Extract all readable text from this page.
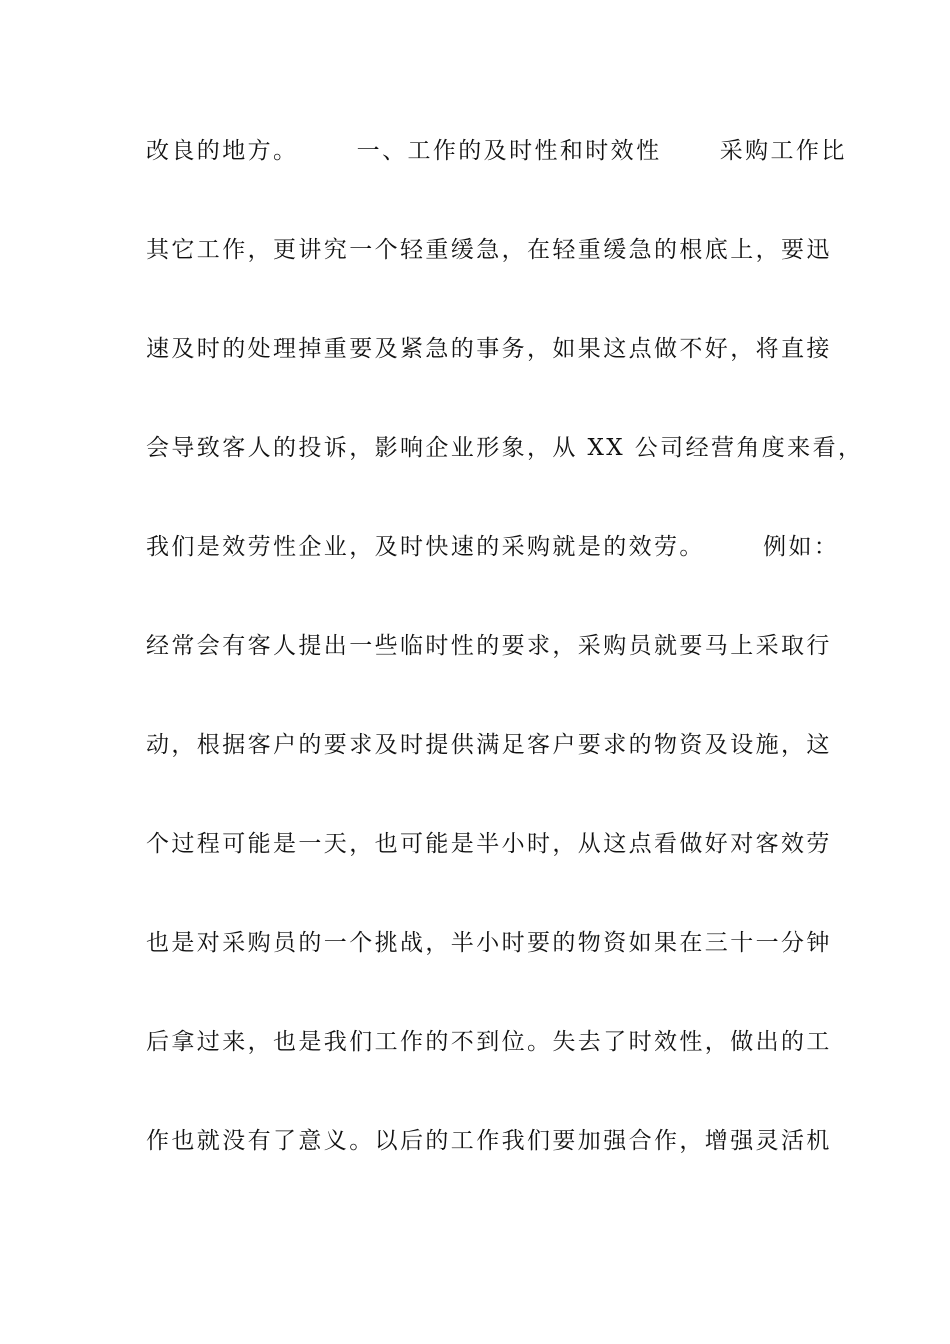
改良的地方。      一、工作的及时性和时效性      采购工作比
其它工作，更讲究一个轻重缓急，在轻重缓急的根底上，要迅
速及时的处理掉重要及紧急的事务，如果这点做不好，将直接
会导致客人的投诉，影响企业形象，从 XX 公司经营角度来看，
我们是效劳性企业，及时快速的采购就是的效劳。      例如：
经常会有客人提出一些临时性的要求，采购员就要马上采取行
动，根据客户的要求及时提供满足客户要求的物资及设施，这
个过程可能是一天，也可能是半小时，从这点看做好对客效劳
也是对采购员的一个挑战，半小时要的物资如果在三十一分钟
后拿过来，也是我们工作的不到位。失去了时效性，做出的工
作也就没有了意义。以后的工作我们要加强合作，增强灵活机
